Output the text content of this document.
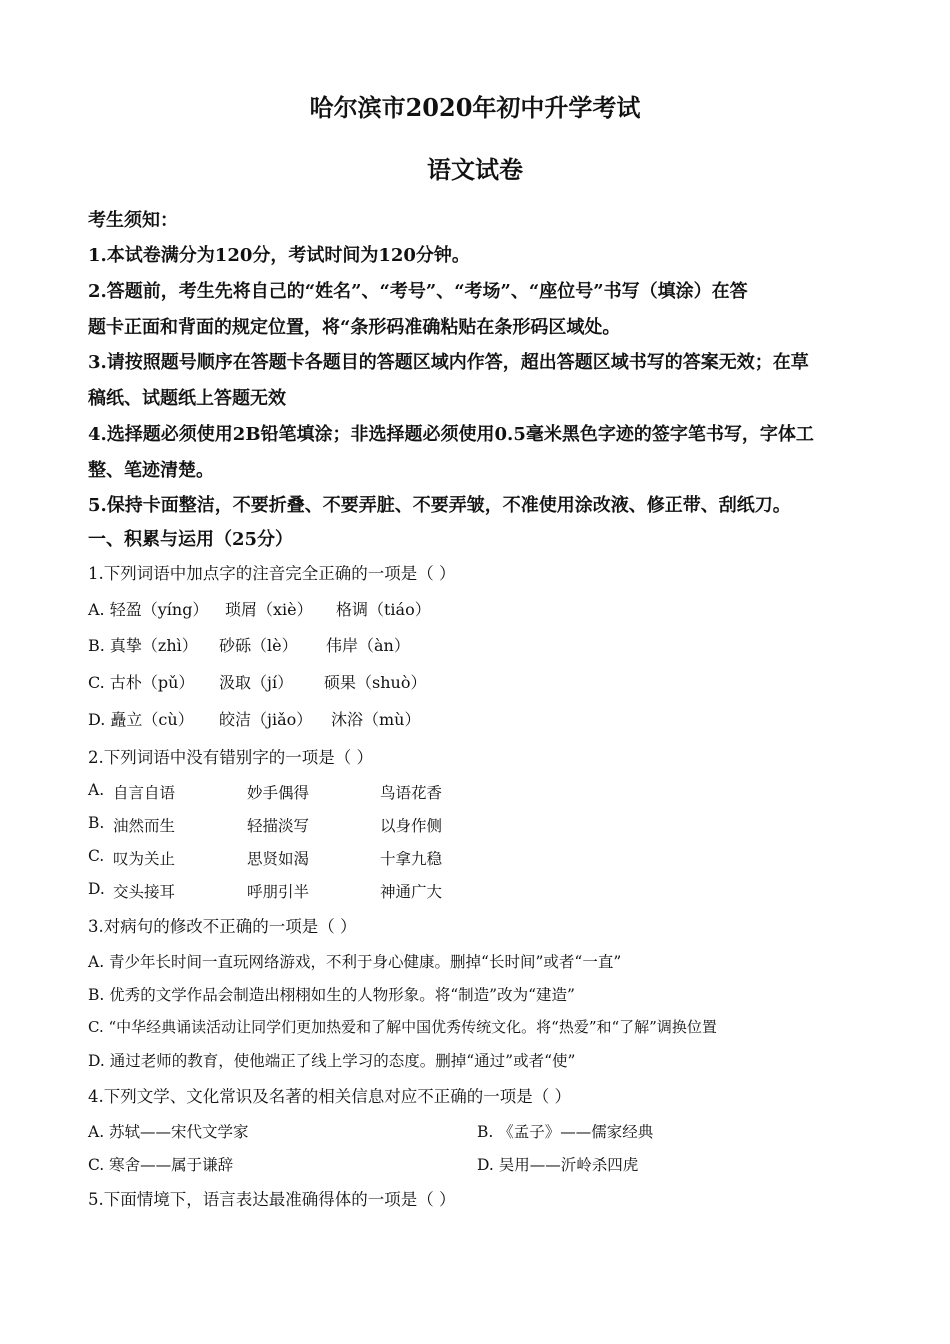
哈尔滨市2020年初中升学考试
语文试卷
考生须知：
1.本试卷满分为120分，考试时间为120分钟。
2.答题前，考生先将自己的“姓名”、“考号”、“考场”、“座位号”书写（填涂）在答
题卡正面和背面的规定位置，将“条形码准确粘贴在条形码区域处。
3.请按照题号顺序在答题卡各题目的答题区域内作答，超出答题区域书写的答案无效；在草
稿纸、试题纸上答题无效
4.选择题必须使用2B铅笔填涂；非选择题必须使用0.5毫米黑色字迹的签字笔书写，字体工
整、笔迹清楚。
5.保持卡面整洁，不要折叠、不要弄脏、不要弄皱，不准使用涂改液、修正带、刮纸刀。
一、积累与运用（25分）
1.下列词语中加点字的注音完全正确的一项是（ ）
A. 轻盈（yíng） 琐屑（xiè） 格调（tiáo）
B. 真挚（zhì） 砂砾（lè） 伟岸（àn）
C. 古朴（pǔ） 汲取（jí） 硕果（shuò）
D. 矗立（cù） 皎洁（jiǎo） 沐浴（mù）
2.下列词语中没有错别字的一项是（ ）
A. 自言自语	妙手偶得	鸟语花香
B. 油然而生	轻描淡写	以身作侧
C. 叹为关止	思贤如渴	十拿九稳
D. 交头接耳	呼朋引半	神通广大
3.对病句的修改不正确的一项是（ ）
A. 青少年长时间一直玩网络游戏，不利于身心健康。删掉“长时间”或者“一直”
B. 优秀的文学作品会制造出栩栩如生的人物形象。将“制造”改为“建造”
C. “中华经典诵读活动让同学们更加热爱和了解中国优秀传统文化。将“热爱”和“了解”调换位置
D. 通过老师的教育，使他端正了线上学习的态度。删掉“通过”或者“使”
4.下列文学、文化常识及名著的相关信息对应不正确的一项是（ ）
A. 苏轼——宋代文学家	B. 《孟子》——儒家经典
C. 寒舍——属于谦辞	D. 吴用——沂岭杀四虎
5.下面情境下，语言表达最准确得体的一项是（ ）
